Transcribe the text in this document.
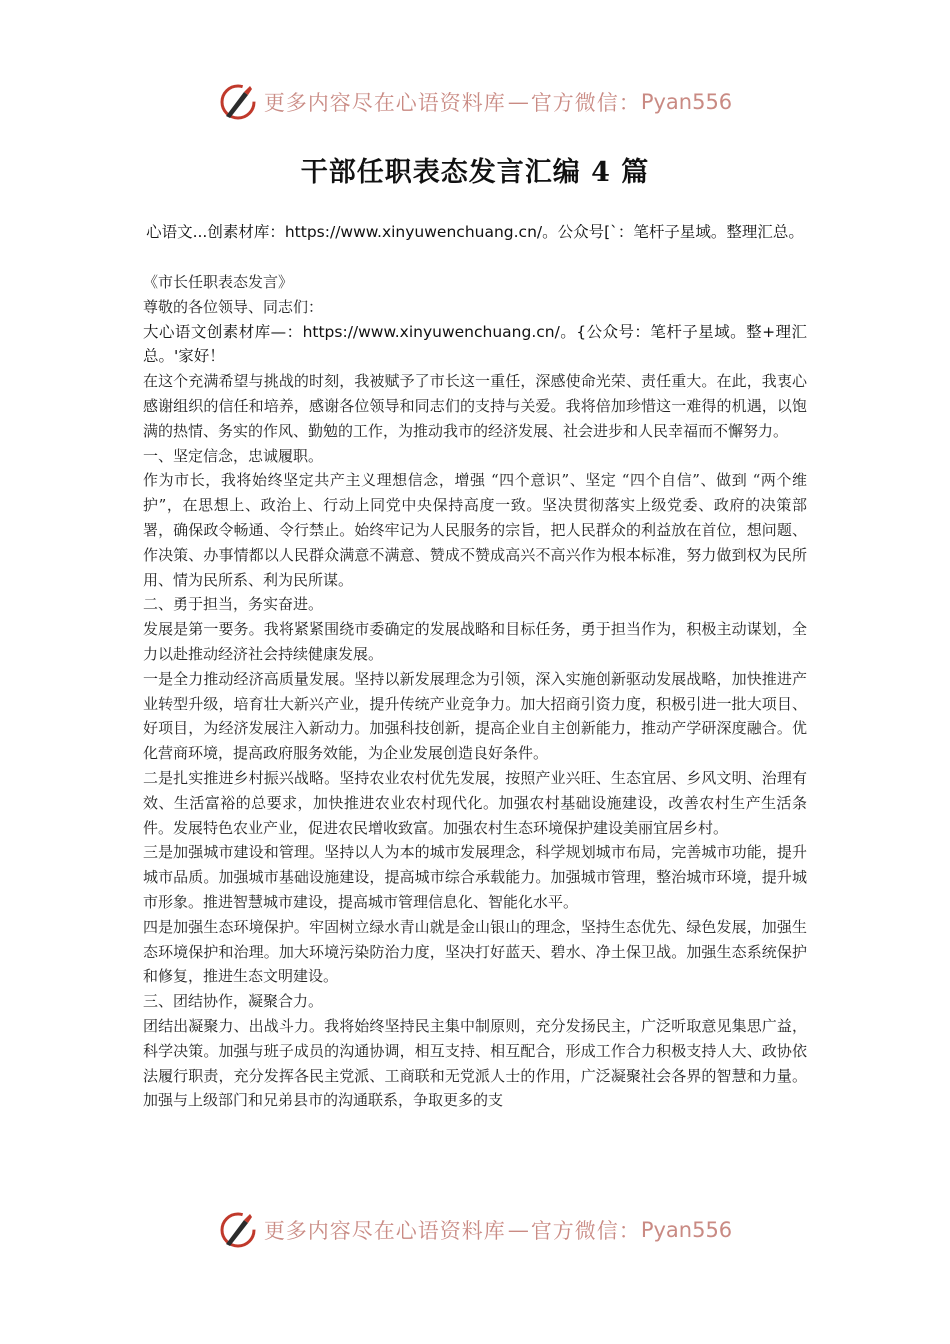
更多内容尽在心语资料库 — 官方微信： Pyan556
干部任职表态发言汇编 4 篇
心语文...创素材库：https://www.xinyuwenchuang.cn/。公众号[`：笔杆子星域。整理汇总。

《市长任职表态发言》

尊敬的各位领导、同志们：

大心语文创素材库—：https://www.xinyuwenchuang.cn/。{公众号：笔杆子星域。整+理汇总。'家好！

在这个充满希望与挑战的时刻，我被赋予了市长这一重任，深感使命光荣、责任重大。在此，我衷心感谢组织的信任和培养，感谢各位领导和同志们的支持与关爱。我将倍加珍惜这一难得的机遇，以饱满的热情、务实的作风、勤勉的工作，为推动我市的经济发展、社会进步和人民幸福而不懈努力。

一、坚定信念，忠诚履职。

作为市长，我将始终坚定共产主义理想信念，增强 “四个意识”、坚定 “四个自信”、做到 “两个维护”，在思想上、政治上、行动上同党中央保持高度一致。坚决贯彻落实上级党委、政府的决策部署，确保政令畅通、令行禁止。始终牢记为人民服务的宗旨，把人民群众的利益放在首位，想问题、作决策、办事情都以人民群众满意不满意、赞成不赞成高兴不高兴作为根本标准，努力做到权为民所用、情为民所系、利为民所谋。

二、勇于担当，务实奋进。

发展是第一要务。我将紧紧围绕市委确定的发展战略和目标任务，勇于担当作为，积极主动谋划，全力以赴推动经济社会持续健康发展。

一是全力推动经济高质量发展。坚持以新发展理念为引领，深入实施创新驱动发展战略，加快推进产业转型升级，培育壮大新兴产业，提升传统产业竞争力。加大招商引资力度，积极引进一批大项目、好项目，为经济发展注入新动力。加强科技创新，提高企业自主创新能力，推动产学研深度融合。优化营商环境，提高政府服务效能，为企业发展创造良好条件。

二是扎实推进乡村振兴战略。坚持农业农村优先发展，按照产业兴旺、生态宜居、乡风文明、治理有效、生活富裕的总要求，加快推进农业农村现代化。加强农村基础设施建设，改善农村生产生活条件。发展特色农业产业，促进农民增收致富。加强农村生态环境保护建设美丽宜居乡村。

三是加强城市建设和管理。坚持以人为本的城市发展理念，科学规划城市布局，完善城市功能，提升城市品质。加强城市基础设施建设，提高城市综合承载能力。加强城市管理，整治城市环境，提升城市形象。推进智慧城市建设，提高城市管理信息化、智能化水平。

四是加强生态环境保护。牢固树立绿水青山就是金山银山的理念，坚持生态优先、绿色发展，加强生态环境保护和治理。加大环境污染防治力度，坚决打好蓝天、碧水、净土保卫战。加强生态系统保护和修复，推进生态文明建设。

三、团结协作，凝聚合力。

团结出凝聚力、出战斗力。我将始终坚持民主集中制原则，充分发扬民主，广泛听取意见集思广益，科学决策。加强与班子成员的沟通协调，相互支持、相互配合，形成工作合力积极支持人大、政协依法履行职责，充分发挥各民主党派、工商联和无党派人士的作用，广泛凝聚社会各界的智慧和力量。加强与上级部门和兄弟县市的沟通联系，争取更多的支

更多内容尽在心语资料库 — 官方微信： Pyan556
